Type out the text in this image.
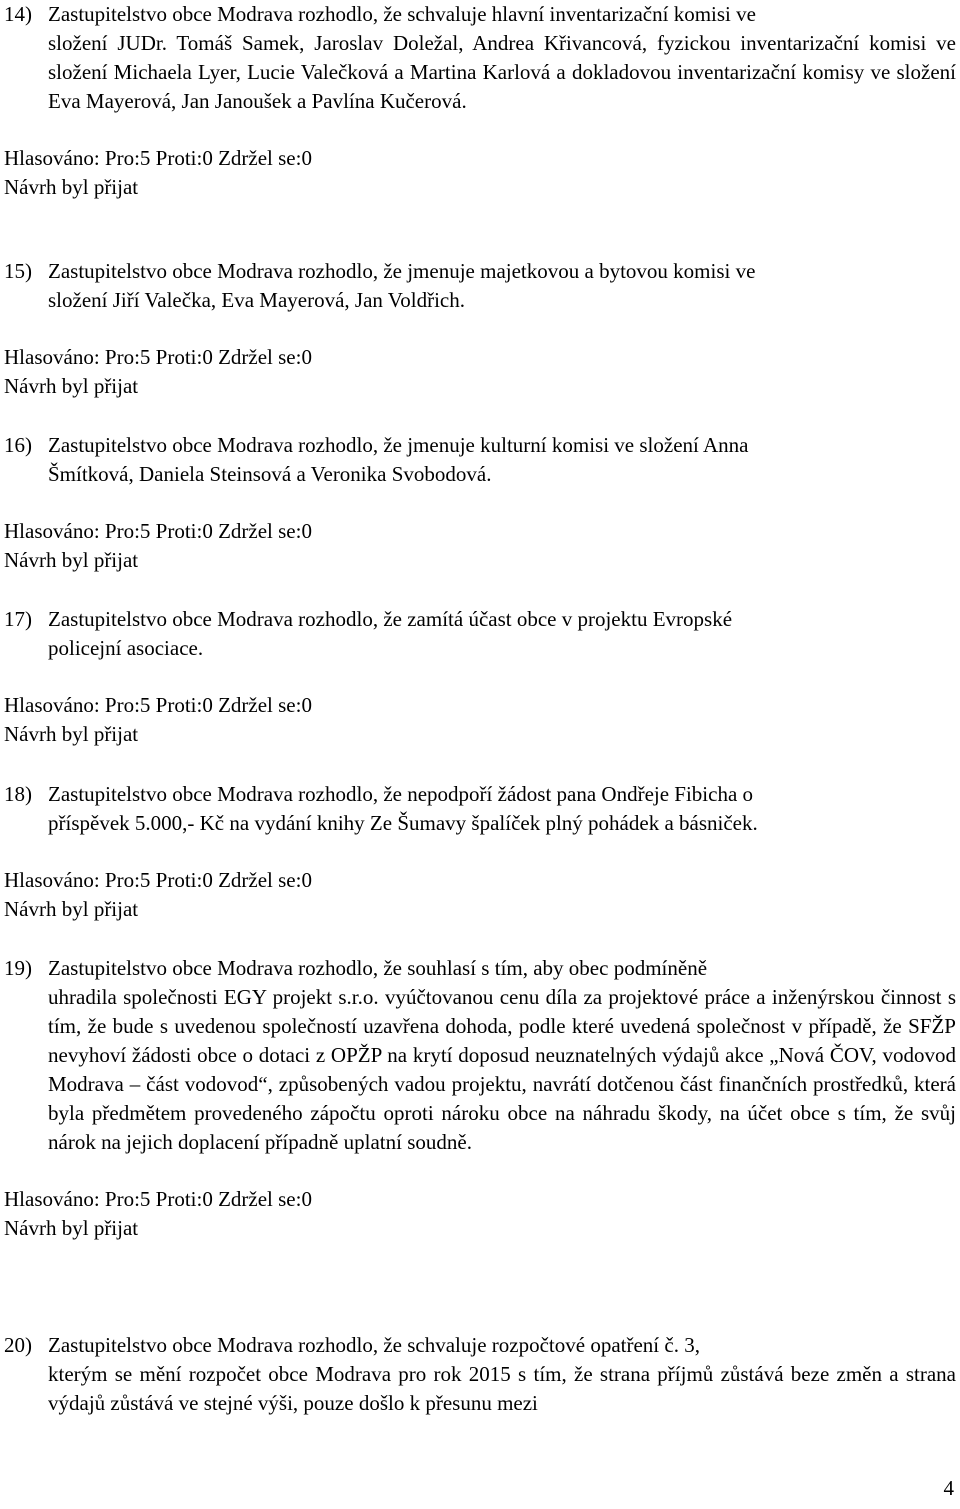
14) Zastupitelstvo obce Modrava rozhodlo, že schvaluje hlavní inventarizační komisi ve
složení JUDr. Tomáš Samek, Jaroslav Doležal, Andrea Křivancová, fyzickou inventarizační komisi ve složení Michaela Lyer, Lucie Valečková a Martina Karlová a dokladovou inventarizační komisy ve složení Eva Mayerová, Jan Janoušek a Pavlína Kučerová.

Hlasováno: Pro:5 Proti:0 Zdržel se:0

Návrh byl přijat

15) Zastupitelstvo obce Modrava rozhodlo, že jmenuje majetkovou a bytovou komisi ve
složení Jiří Valečka, Eva Mayerová, Jan Voldřich.

Hlasováno: Pro:5 Proti:0 Zdržel se:0

Návrh byl přijat

16) Zastupitelstvo obce Modrava rozhodlo, že jmenuje kulturní komisi ve složení Anna
Šmítková, Daniela Steinsová a Veronika Svobodová.

Hlasováno: Pro:5 Proti:0 Zdržel se:0

Návrh byl přijat

17) Zastupitelstvo obce Modrava rozhodlo, že zamítá účast obce v projektu Evropské
policejní asociace.

Hlasováno: Pro:5 Proti:0 Zdržel se:0

Návrh byl přijat

18) Zastupitelstvo obce Modrava rozhodlo, že nepodpoří žádost pana Ondřeje Fibicha o
příspěvek 5.000,- Kč na vydání knihy Ze Šumavy špalíček plný pohádek a básniček.

Hlasováno: Pro:5 Proti:0 Zdržel se:0

Návrh byl přijat

19) Zastupitelstvo obce Modrava rozhodlo, že souhlasí s tím, aby obec podmíněně
uhradila společnosti EGY projekt s.r.o. vyúčtovanou cenu díla za projektové práce a inženýrskou činnost s tím, že bude s uvedenou společností uzavřena dohoda, podle které uvedená společnost v případě, že SFŽP nevyhoví žádosti obce o dotaci z OPŽP na krytí doposud neuznatelných výdajů akce „Nová ČOV, vodovod Modrava – část vodovod“, způsobených vadou projektu, navrátí dotčenou část finančních prostředků, která byla předmětem provedeného zápočtu oproti nároku obce na náhradu škody, na účet obce s tím, že svůj nárok na jejich doplacení případně uplatní soudně.

Hlasováno: Pro:5 Proti:0 Zdržel se:0

Návrh byl přijat

20) Zastupitelstvo obce Modrava rozhodlo, že schvaluje rozpočtové opatření č. 3,
kterým se mění rozpočet obce Modrava pro rok 2015 s tím, že strana příjmů zůstává beze změn a strana výdajů zůstává ve stejné výši, pouze došlo k přesunu mezi

4
